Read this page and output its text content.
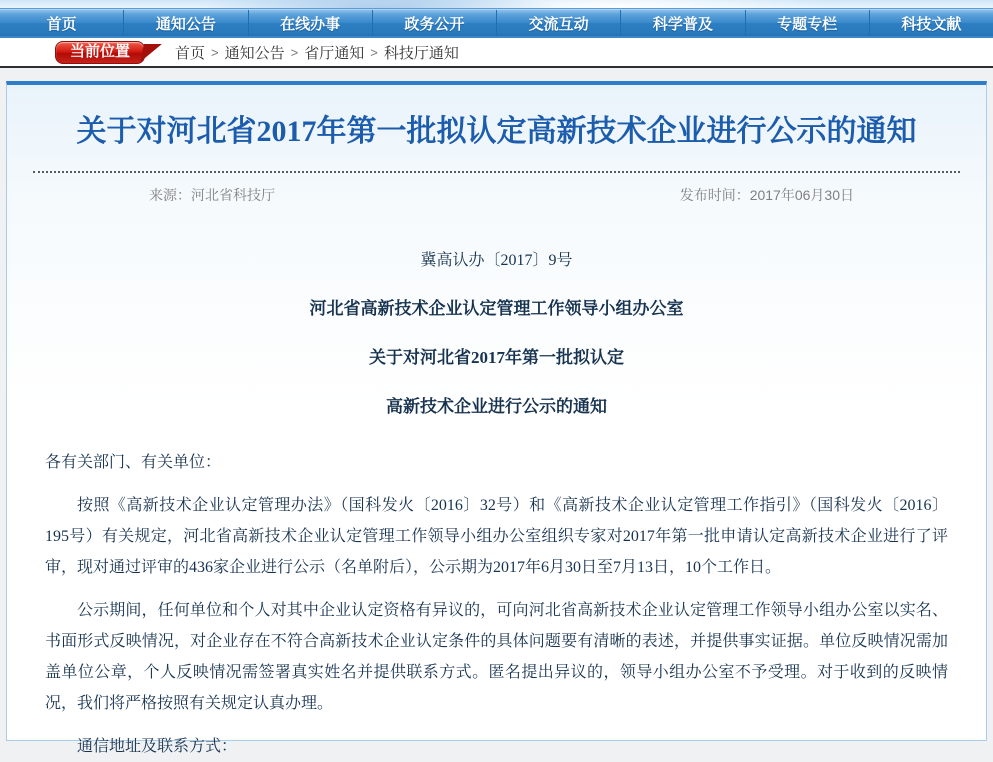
首页	通知公告	在线办事	政务公开	交流互动	科学普及	专题专栏	科技文献
当前位置	首页 > 通知公告 > 省厅通知 > 科技厅通知
关于对河北省2017年第一批拟认定高新技术企业进行公示的通知
来源：河北省科技厅	发布时间：2017年06月30日
冀高认办〔2017〕9号
河北省高新技术企业认定管理工作领导小组办公室
关于对河北省2017年第一批拟认定
高新技术企业进行公示的通知
各有关部门、有关单位：

按照《高新技术企业认定管理办法》（国科发火〔2016〕32号）和《高新技术企业认定管理工作指引》（国科发火〔2016〕195号）有关规定，河北省高新技术企业认定管理工作领导小组办公室组织专家对2017年第一批申请认定高新技术企业进行了评审，现对通过评审的436家企业进行公示（名单附后），公示期为2017年6月30日至7月13日，10个工作日。

公示期间，任何单位和个人对其中企业认定资格有异议的，可向河北省高新技术企业认定管理工作领导小组办公室以实名、书面形式反映情况，对企业存在不符合高新技术企业认定条件的具体问题要有清晰的表述，并提供事实证据。单位反映情况需加盖单位公章，个人反映情况需签署真实姓名并提供联系方式。匿名提出异议的，领导小组办公室不予受理。对于收到的反映情况，我们将严格按照有关规定认真办理。

通信地址及联系方式：
